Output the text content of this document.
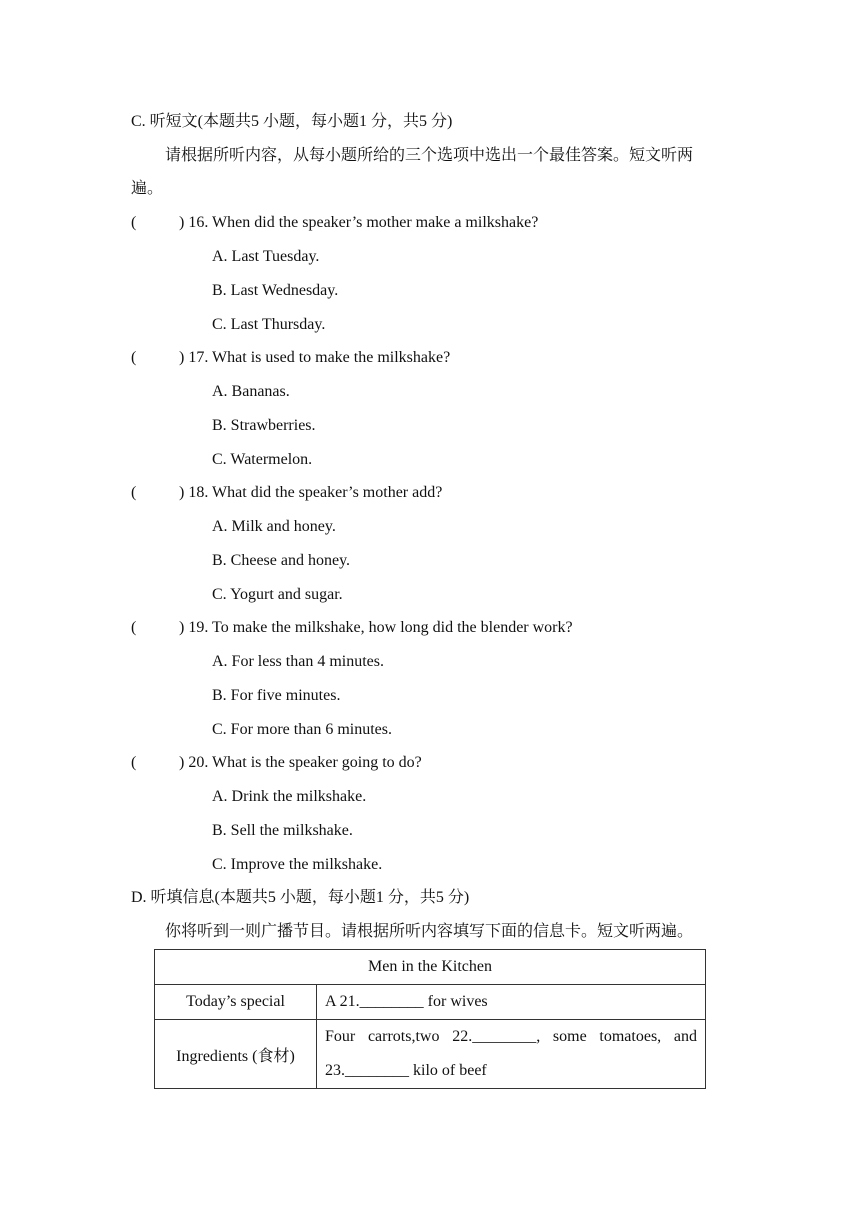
C. 听短文(本题共5 小题，每小题1 分，共5 分)
请根据所听内容，从每小题所给的三个选项中选出一个最佳答案。短文听两
遍。
(	) 16. When did the speaker’s mother make a milkshake?
A. Last Tuesday.
B. Last Wednesday.
C. Last Thursday.
(	) 17. What is used to make the milkshake?
A. Bananas.
B. Strawberries.
C. Watermelon.
(	) 18. What did the speaker’s mother add?
A. Milk and honey.
B. Cheese and honey.
C. Yogurt and sugar.
(	) 19. To make the milkshake, how long did the blender work?
A. For less than 4 minutes.
B. For five minutes.
C. For more than 6 minutes.
(	) 20. What is the speaker going to do?
A. Drink the milkshake.
B. Sell the milkshake.
C. Improve the milkshake.
D. 听填信息(本题共5 小题，每小题1 分，共5 分)
你将听到一则广播节目。请根据所听内容填写下面的信息卡。短文听两遍。
Men in the Kitchen	
Today’s special	A 21.________ for wives
Ingredients (食材)	Four carrots,two 22.________, some tomatoes, and 23.________ kilo of beef
